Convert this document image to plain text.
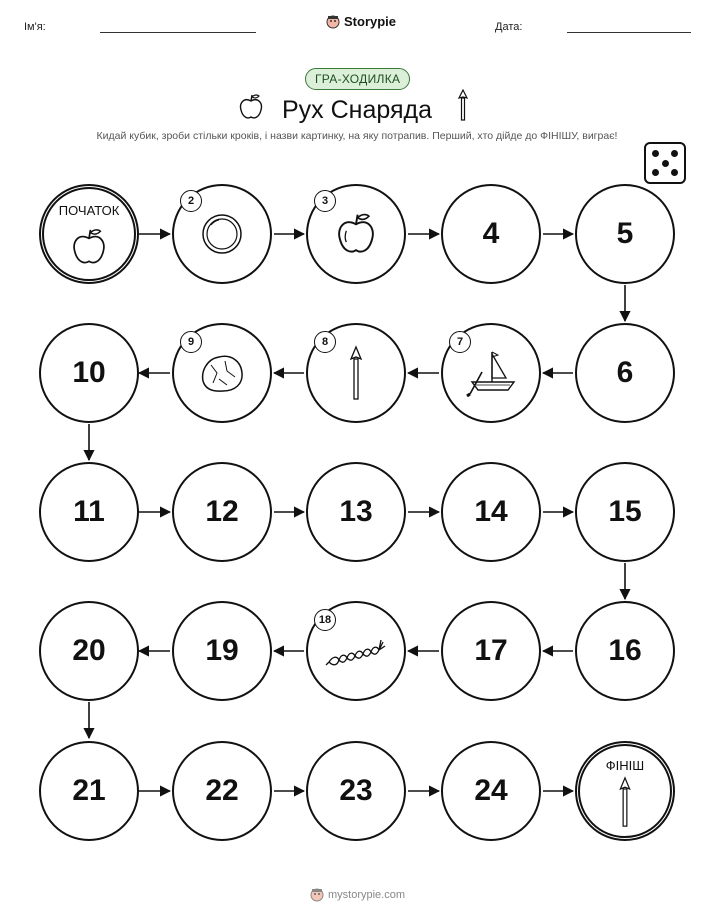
Ім'я:	Storypie	Дата:
ГРА-ХОДИЛКА
Рух Снаряда
Кидай кубик, зроби стільки кроків, і назви картинку, на яку потрапив. Перший, хто дійде до ФІНІШУ, виграє!
ПОЧАТОК
2	3
4	5
6
7
8
9
10
11	12	13	14	15
16
17
18
19
20
21	22	23	24
ФІНІШ
mystorypie.com
